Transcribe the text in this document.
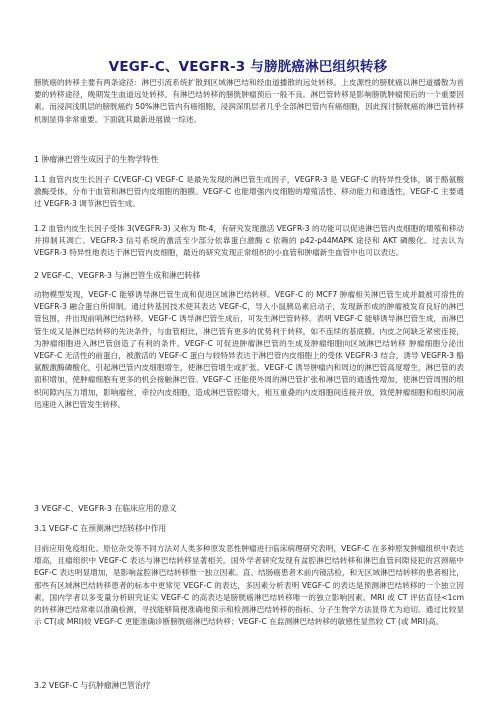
VEGF-C、VEGFR-3 与膀胱癌淋巴组织转移

膀胱癌的转移主要有两条途径：淋巴引流系统扩散到区域淋巴结和经血道播散的远处转移。上皮源性的膀胱癌以淋巴道播散为首要的转移途径，晚期发生血道远处转移。有淋巴结转移的膀胱肿瘤预后一般不良。淋巴管转移是影响膀胱肿瘤预后的一个重要因素。而浸润浅肌层的膀胱癌约 50%淋巴管内有癌细胞，浸润深肌层者几乎全部淋巴管内有癌细胞，因此探讨膀胱癌的淋巴管转移机制显得非常重要。下面就其最新进展做一综述。

1 肿瘤淋巴管生成因子的生物学特性

1.1 血管内皮生长因子 C(VEGF-C) VEGF-C 是最先发现的淋巴管生成因子，VEGFR-3 是 VEGF-C 的特异性受体，属于酪氨酸激酶受体，分布于血管和淋巴管内皮细胞的胞膜。VEGF-C 也能增强内皮细胞的增殖活性、移动能力和通透性，VEGF-C 主要通过 VEGFR-3 调节淋巴管生成。

1.2 血管内皮生长因子受体 3(VEGFR-3) 又称为 flt-4，有研究发现激活 VEGFR-3 的功能可以促进淋巴管内皮细胞的增殖和移动并抑制其凋亡。VEGFR-3 信号系统的激活至少部分依靠蛋白激酶 c 依赖的 p42-p44MAPK 途径和 AKT 磷酸化。过去认为 VEGFR-3 特异性地表达于淋巴管内皮细胞，最近的研究发现正常组织的小血管和肿瘤新生血管中也可以表达。

2 VEGF-C、VEGFR-3 与淋巴管生成和淋巴转移

动物模型发现，VEGF-C 能够诱导淋巴管生成和促进区域淋巴结转移。VEGF-C 的 MCF7 肿瘤相关淋巴管生成并最被可溶性的 VEGFR-3 融合蛋白所抑制。通过转基因技术使其表达 VEGF-C，导入小鼠胰岛素启动子，发现新形成的肿瘤被发育良好的淋巴管包围，并出现前哨淋巴结转移。VEGF-C 诱导淋巴管生成后，可发生淋巴管转移。表明 VEGF-C 能够诱导淋巴管生成，而淋巴管生成又是淋巴结转移的先决条件，与血管相比，淋巴管有更多的优势利于转移，如不连续的基底膜、内皮之间缺乏紧密连接，为肿瘤细胞进入淋巴管创造了有利的条件。VEGF-C 可促进肿瘤淋巴管的生成及肿瘤细胞向区域淋巴结转移 肿瘤细胞分泌出 VEGF-C 无活性的前蛋白，被激活的 VEGF-C 蛋白与较特异表达于淋巴管内皮细胞上的受体 VEGFR-3 结合，诱导 VEGFR-3 酪氨酸激酶磷酸化，引起淋巴管内皮细胞增生，使淋巴管增生或扩张。VEGF-C 诱导肿瘤内和周边的淋巴管高度增生，淋巴管的表面积增加，使肿瘤细胞有更多的机会接触淋巴管。VEGF-C 还能使外周的淋巴管扩张和淋巴管的通透性增加，使淋巴管周围的组织间隙内压力增加，影响瘤丝，牵拉内皮细胞，造成淋巴管腔增大，相互重叠的内皮细胞间连接开放，致使肿瘤细胞和组织间液迅速进入淋巴管发生转移。

3 VEGF-C、VEGFR-3 在临床应用的意义

3.1 VEGF-C 在预测淋巴结转移中作用

目前应用免疫组化、原位杂交等不同方法对人类多种原发恶性肿瘤进行临床病理研究表明，VEGF-C 在多种原发肿瘤组织中表达增高，且瘤组织中 VEGF-C 表达与淋巴结转移显著相关。国外学者研究发现有盆腔淋巴结转移和淋巴血管问隙侵犯的宫颈癌中 EGF-C 表达明显增加，是影响盆腔淋巴结转移惟一独立因素。直、结肠癌患者术前内镜活检，和无区域淋巴结转移的患者相比，那些有区域淋巴结转移患者的标本中更常见 VEGF-C 的表达，多因素分析表明 VEGF-C 的表达是预测淋巴结转移的一个独立因素。国内学者以多变量分析研究证实 VEGF-C 的高表达是膀胱癌淋巴结转移唯一的独立影响因素。MRI 或 CT 评估直径<1cm 的转移淋巴结常难以准确检测，寻找能够简便准确地预示和检测淋巴结转移的指标、分子生物学方法显得尤为迫切。通过比较显示 CT(或 MRI)较 VEGF-C 更能准确诊断膀胱癌淋巴结转移；VEGF-C 在监测淋巴结转移的敏感性显然较 CT (或 MRI)高。

3.2 VEGF-C 与抗肿瘤淋巴管治疗
